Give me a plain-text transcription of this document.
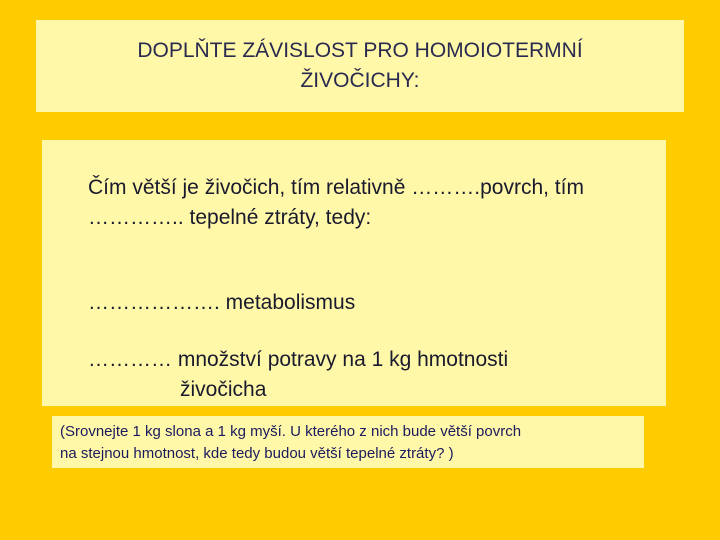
DOPLŇTE ZÁVISLOST PRO HOMOIOTERMNÍ
ŽIVOČICHY:
Čím větší je živočich, tím relativně ……….povrch, tím
………….. tepelné ztráty, tedy:
………………. metabolismus
………… množství potravy na 1 kg hmotnosti
živočicha
(Srovnejte 1 kg slona a 1 kg myší. U kterého z nich bude větší povrch
na stejnou hmotnost, kde tedy budou větší tepelné ztráty? )
